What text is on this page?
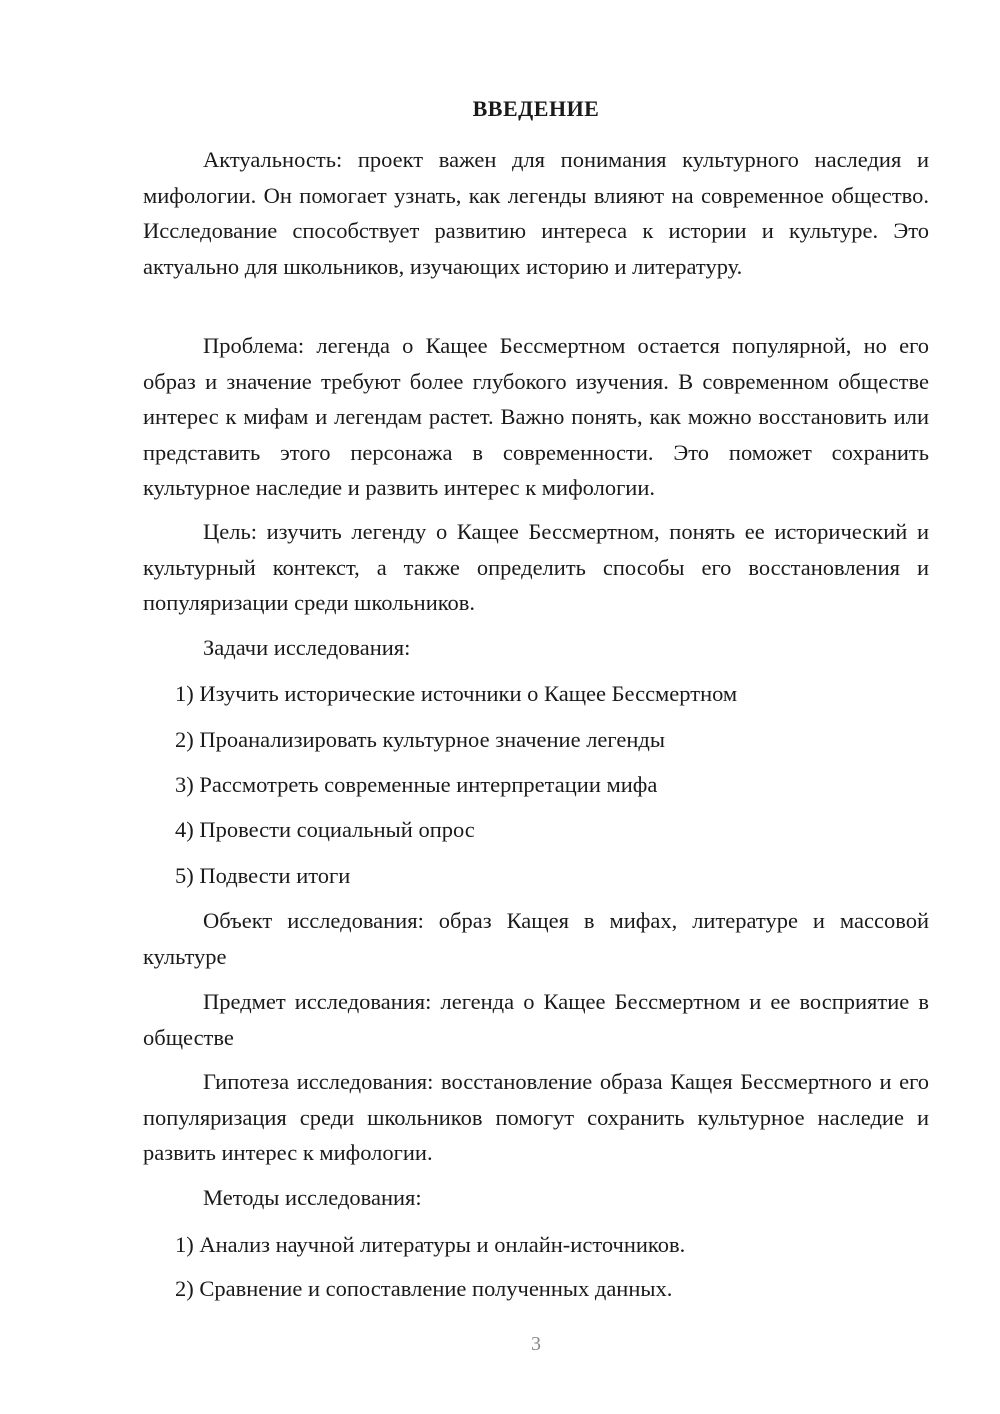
ВВЕДЕНИЕ
Актуальность: проект важен для понимания культурного наследия и мифологии. Он помогает узнать, как легенды влияют на современное общество. Исследование способствует развитию интереса к истории и культуре. Это актуально для школьников, изучающих историю и литературу.
Проблема: легенда о Кащее Бессмертном остается популярной, но его образ и значение требуют более глубокого изучения. В современном обществе интерес к мифам и легендам растет. Важно понять, как можно восстановить или представить этого персонажа в современности. Это поможет сохранить культурное наследие и развить интерес к мифологии.
Цель: изучить легенду о Кащее Бессмертном, понять ее исторический и культурный контекст, а также определить способы его восстановления и популяризации среди школьников.
Задачи исследования:
1) Изучить исторические источники о Кащее Бессмертном
2) Проанализировать культурное значение легенды
3) Рассмотреть современные интерпретации мифа
4) Провести социальный опрос
5) Подвести итоги
Объект исследования: образ Кащея в мифах, литературе и массовой культуре
Предмет исследования: легенда о Кащее Бессмертном и ее восприятие в обществе
Гипотеза исследования: восстановление образа Кащея Бессмертного и его популяризация среди школьников помогут сохранить культурное наследие и развить интерес к мифологии.
Методы исследования:
1) Анализ научной литературы и онлайн-источников.
2) Сравнение и сопоставление полученных данных.
3
